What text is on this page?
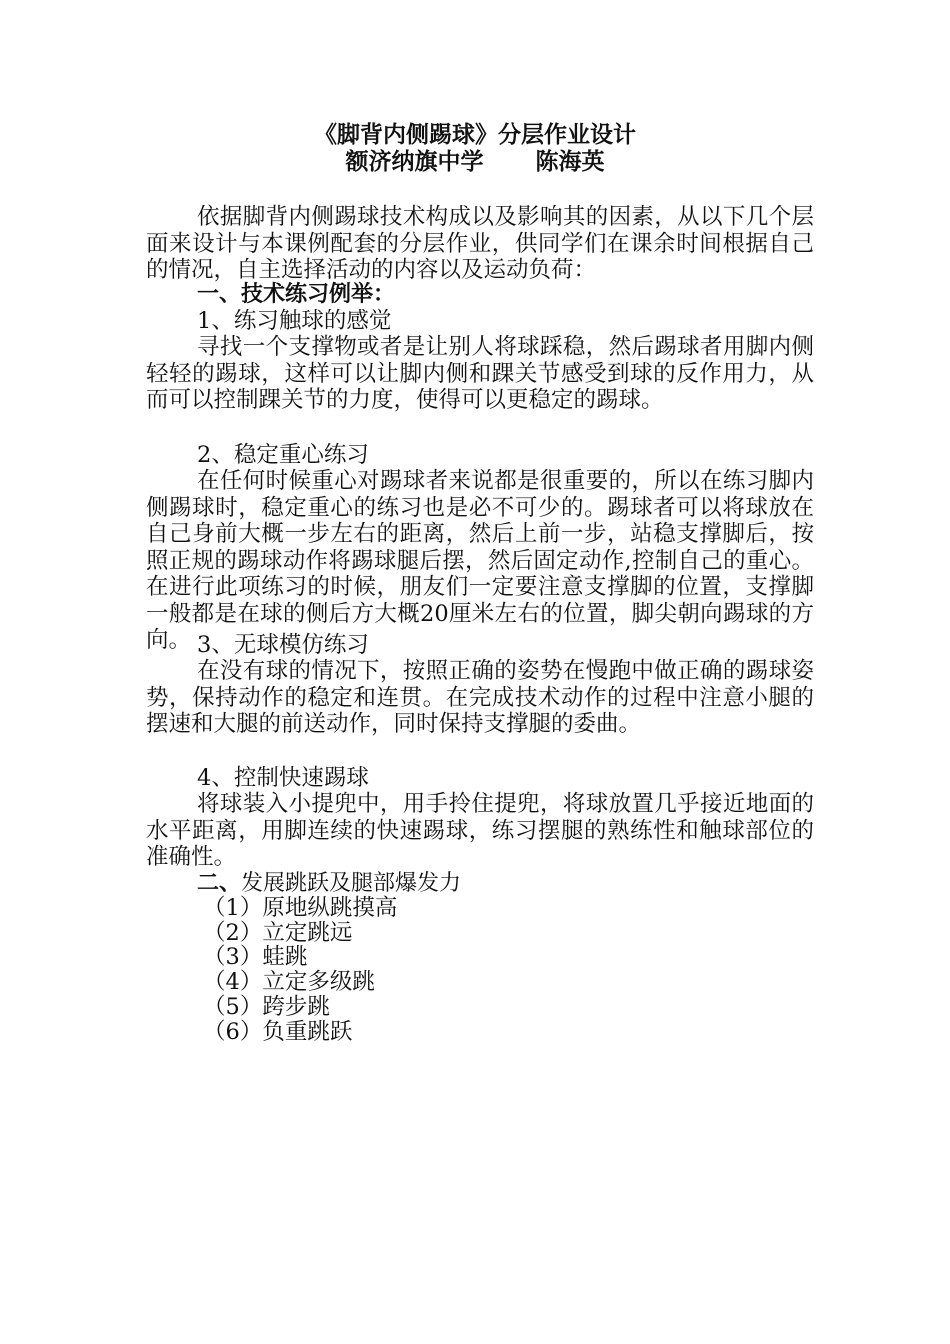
《脚背内侧踢球》分层作业设计
额济纳旗中学 陈海英
依据脚背内侧踢球技术构成以及影响其的因素，从以下几个层面来设计与本课例配套的分层作业，供同学们在课余时间根据自己的情况，自主选择活动的内容以及运动负荷：
一、技术练习例举：
1、练习触球的感觉
寻找一个支撑物或者是让别人将球踩稳，然后踢球者用脚内侧轻轻的踢球，这样可以让脚内侧和踝关节感受到球的反作用力，从而可以控制踝关节的力度，使得可以更稳定的踢球。
2、稳定重心练习
在任何时候重心对踢球者来说都是很重要的，所以在练习脚内侧踢球时，稳定重心的练习也是必不可少的。踢球者可以将球放在自己身前大概一步左右的距离，然后上前一步，站稳支撑脚后，按照正规的踢球动作将踢球腿后摆，然后固定动作,控制自己的重心。在进行此项练习的时候，朋友们一定要注意支撑脚的位置，支撑脚一般都是在球的侧后方大概20厘米左右的位置，脚尖朝向踢球的方向。 3、无球模仿练习
在没有球的情况下，按照正确的姿势在慢跑中做正确的踢球姿势，保持动作的稳定和连贯。在完成技术动作的过程中注意小腿的摆速和大腿的前送动作，同时保持支撑腿的委曲。
4、控制快速踢球
将球装入小提兜中，用手拎住提兜，将球放置几乎接近地面的水平距离，用脚连续的快速踢球，练习摆腿的熟练性和触球部位的准确性。
二、发展跳跃及腿部爆发力
（1）原地纵跳摸高
（2）立定跳远
（3）蛙跳
（4）立定多级跳
（5）跨步跳
（6）负重跳跃
